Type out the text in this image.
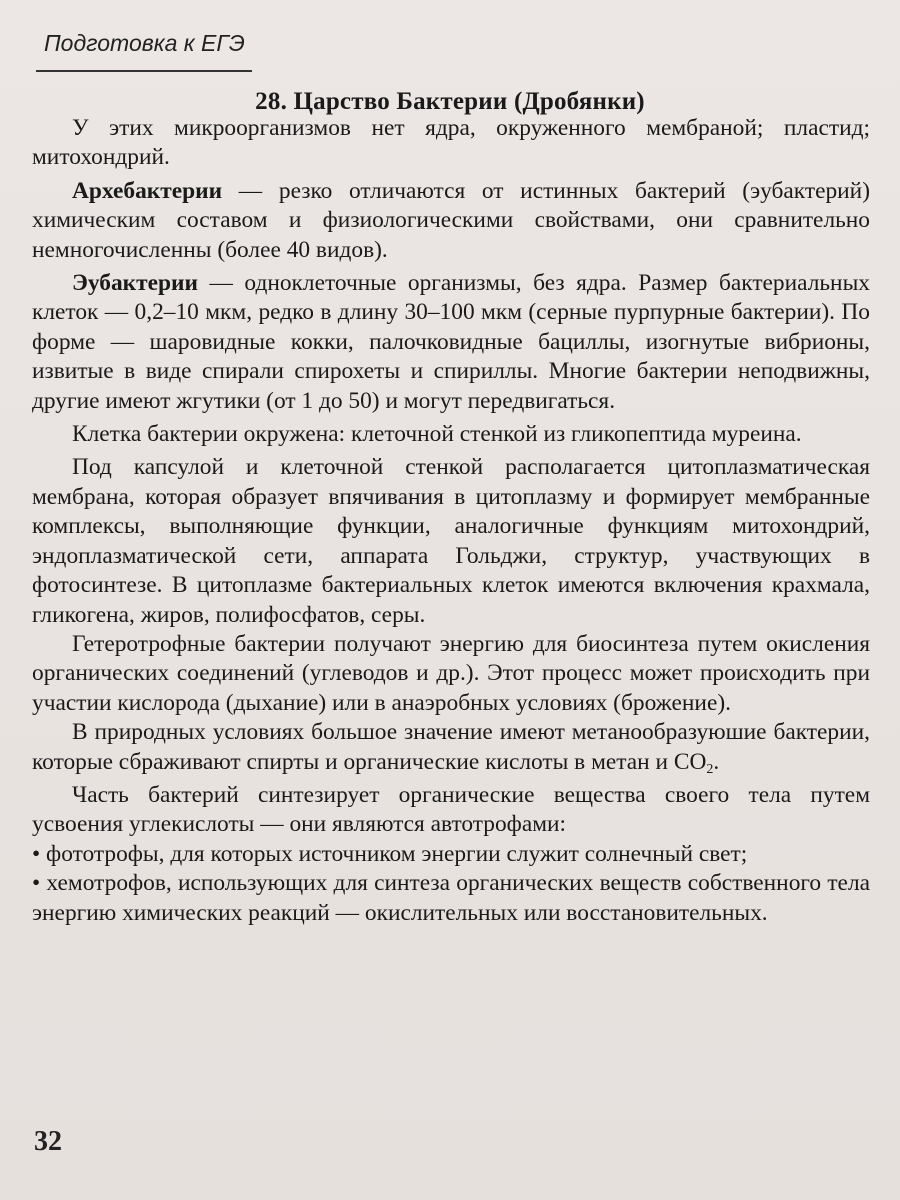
Подготовка к ЕГЭ
28. Царство Бактерии (Дробянки)

У этих микроорганизмов нет ядра, окруженного мембраной; пластид; митохондрий.

Архебактерии — резко отличаются от истинных бактерий (эубактерий) химическим составом и физиологическими свойствами, они сравнительно немногочисленны (более 40 видов).

Эубактерии — одноклеточные организмы, без ядра. Размер бактериальных клеток — 0,2–10 мкм, редко в длину 30–100 мкм (серные пурпурные бактерии). По форме — шаровидные кокки, палочковидные бациллы, изогнутые вибрионы, извитые в виде спирали спирохеты и спириллы. Многие бактерии неподвижны, другие имеют жгутики (от 1 до 50) и могут передвигаться.

Клетка бактерии окружена: клеточной стенкой из гликопептида муреина.

Под капсулой и клеточной стенкой располагается цитоплазматическая мембрана, которая образует впячивания в цитоплазму и формирует мембранные комплексы, выполняющие функции, аналогичные функциям митохондрий, эндоплазматической сети, аппарата Гольджи, структур, участвующих в фотосинтезе. В цитоплазме бактериальных клеток имеются включения крахмала, гликогена, жиров, полифосфатов, серы.

Гетеротрофные бактерии получают энергию для биосинтеза путем окисления органических соединений (углеводов и др.). Этот процесс может происходить при участии кислорода (дыхание) или в анаэробных условиях (брожение).

В природных условиях большое значение имеют метанообразуюшие бактерии, которые сбраживают спирты и органические кислоты в метан и $CO_2$.

Часть бактерий синтезирует органические вещества своего тела путем усвоения углекислоты — они являются автотрофами:

• фототрофы, для которых источником энергии служит солнечный свет;

• хемотрофов, использующих для синтеза органических веществ собственного тела энергию химических реакций — окислительных или восстановительных.

32
